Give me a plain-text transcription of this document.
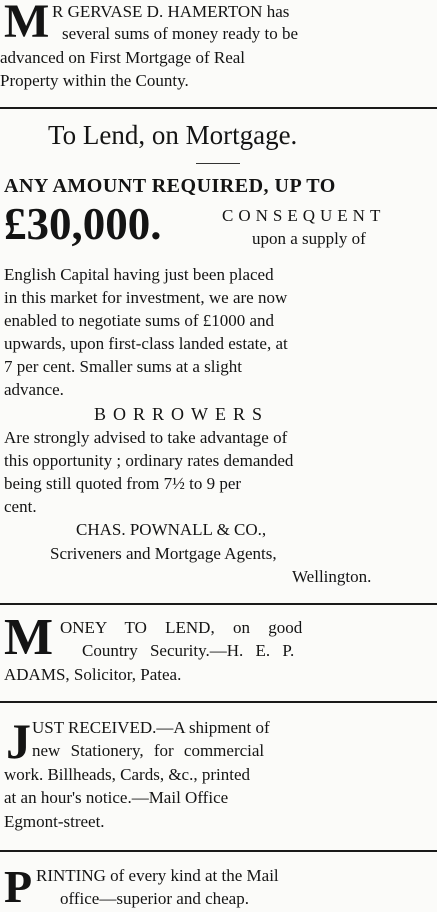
M R GERVASE D. HAMERTON has
several sums of money ready to be
advanced on First Mortgage of Real
Property within the County.
To Lend, on Mortgage.
ANY AMOUNT REQUIRED, UP TO
£30,000.	CONSEQUENT
upon a supply of
English Capital having just been placed
in this market for investment, we are now
enabled to negotiate sums of £1000 and
upwards, upon first-class landed estate, at
7 per cent. Smaller sums at a slight
advance.
BORROWERS
Are strongly advised to take advantage of
this opportunity ; ordinary rates demanded
being still quoted from 7½ to 9 per
cent.
CHAS. POWNALL & CO.,
Scriveners and Mortgage Agents,
Wellington.
M ONEY TO LEND, on good
Country Security.—H. E. P.
ADAMS, Solicitor, Patea.
J UST RECEIVED.—A shipment of
new Stationery, for commercial
work. Billheads, Cards, &c., printed
at an hour's notice.—Mail Office
Egmont-street.
P RINTING of every kind at the Mail
office—superior and cheap.
